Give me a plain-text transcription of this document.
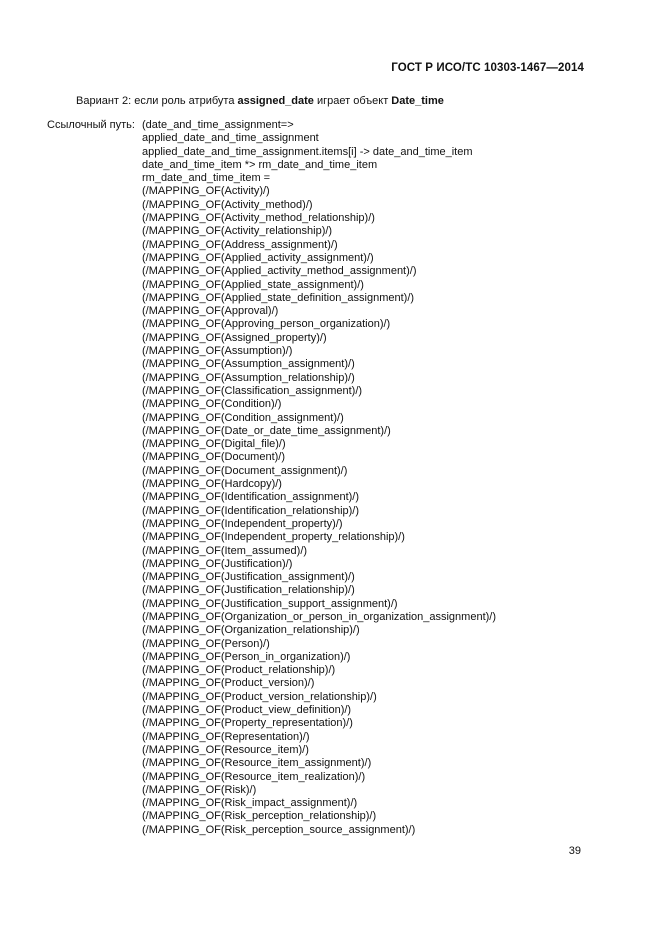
ГОСТ Р ИСО/ТС 10303-1467—2014
Вариант 2: если роль атрибута assigned_date играет объект Date_time
Ссылочный путь: (date_and_time_assignment=>
applied_date_and_time_assignment
applied_date_and_time_assignment.items[i] -> date_and_time_item
date_and_time_item *> rm_date_and_time_item
rm_date_and_time_item =
(/MAPPING_OF(Activity)/)
(/MAPPING_OF(Activity_method)/)
(/MAPPING_OF(Activity_method_relationship)/)
(/MAPPING_OF(Activity_relationship)/)
(/MAPPING_OF(Address_assignment)/)
(/MAPPING_OF(Applied_activity_assignment)/)
(/MAPPING_OF(Applied_activity_method_assignment)/)
(/MAPPING_OF(Applied_state_assignment)/)
(/MAPPING_OF(Applied_state_definition_assignment)/)
(/MAPPING_OF(Approval)/)
(/MAPPING_OF(Approving_person_organization)/)
(/MAPPING_OF(Assigned_property)/)
(/MAPPING_OF(Assumption)/)
(/MAPPING_OF(Assumption_assignment)/)
(/MAPPING_OF(Assumption_relationship)/)
(/MAPPING_OF(Classification_assignment)/)
(/MAPPING_OF(Condition)/)
(/MAPPING_OF(Condition_assignment)/)
(/MAPPING_OF(Date_or_date_time_assignment)/)
(/MAPPING_OF(Digital_file)/)
(/MAPPING_OF(Document)/)
(/MAPPING_OF(Document_assignment)/)
(/MAPPING_OF(Hardcopy)/)
(/MAPPING_OF(Identification_assignment)/)
(/MAPPING_OF(Identification_relationship)/)
(/MAPPING_OF(Independent_property)/)
(/MAPPING_OF(Independent_property_relationship)/)
(/MAPPING_OF(Item_assumed)/)
(/MAPPING_OF(Justification)/)
(/MAPPING_OF(Justification_assignment)/)
(/MAPPING_OF(Justification_relationship)/)
(/MAPPING_OF(Justification_support_assignment)/)
(/MAPPING_OF(Organization_or_person_in_organization_assignment)/)
(/MAPPING_OF(Organization_relationship)/)
(/MAPPING_OF(Person)/)
(/MAPPING_OF(Person_in_organization)/)
(/MAPPING_OF(Product_relationship)/)
(/MAPPING_OF(Product_version)/)
(/MAPPING_OF(Product_version_relationship)/)
(/MAPPING_OF(Product_view_definition)/)
(/MAPPING_OF(Property_representation)/)
(/MAPPING_OF(Representation)/)
(/MAPPING_OF(Resource_item)/)
(/MAPPING_OF(Resource_item_assignment)/)
(/MAPPING_OF(Resource_item_realization)/)
(/MAPPING_OF(Risk)/)
(/MAPPING_OF(Risk_impact_assignment)/)
(/MAPPING_OF(Risk_perception_relationship)/)
(/MAPPING_OF(Risk_perception_source_assignment)/)
39
